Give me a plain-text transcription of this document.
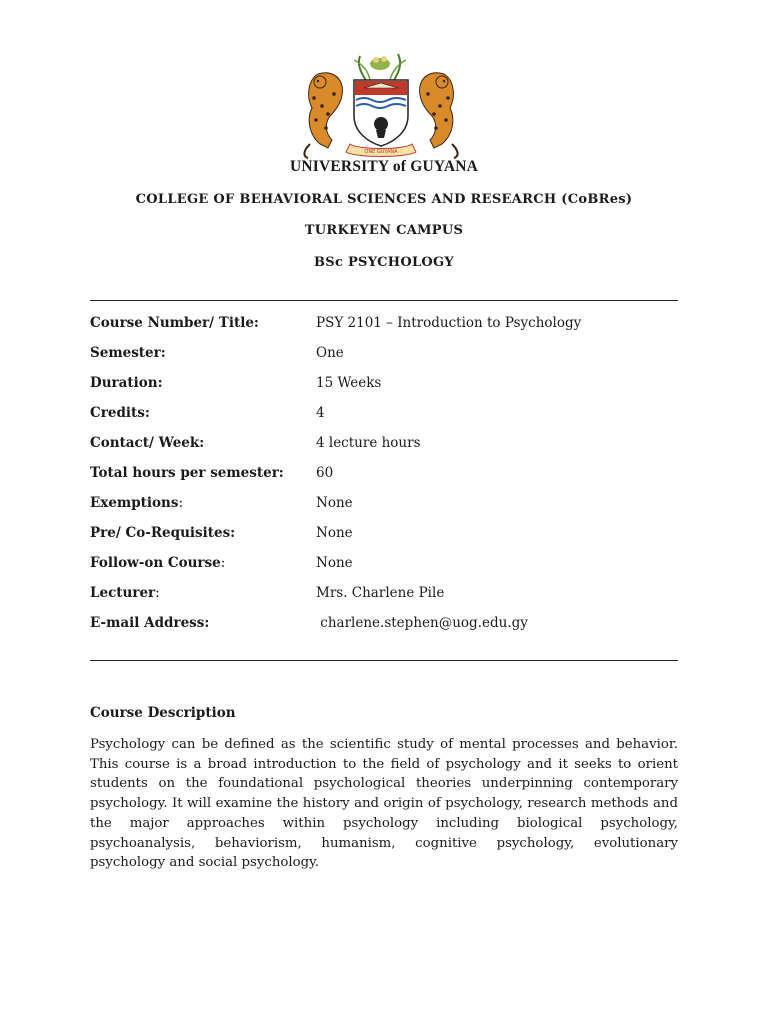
ONE GUYANA
UNIVERSITY of GUYANA
COLLEGE OF BEHAVIORAL SCIENCES AND RESEARCH (CoBRes)
TURKEYEN CAMPUS
BSc PSYCHOLOGY
Course Number/ Title:	PSY 2101 – Introduction to Psychology
Semester:	One
Duration:	15 Weeks
Credits:	4
Contact/ Week:	4 lecture hours
Total hours per semester: 60
Exemptions:	None
Pre/ Co-Requisites:	None
Follow-on Course:	None
Lecturer:	Mrs. Charlene Pile
E-mail Address:	charlene.stephen@uog.edu.gy
Course Description

Psychology can be defined as the scientific study of mental processes and behavior. This course is a broad introduction to the field of psychology and it seeks to orient students on the foundational psychological theories underpinning contemporary psychology. It will examine the history and origin of psychology, research methods and the major approaches within psychology including biological psychology, psychoanalysis, behaviorism, humanism, cognitive psychology, evolutionary psychology and social psychology.
